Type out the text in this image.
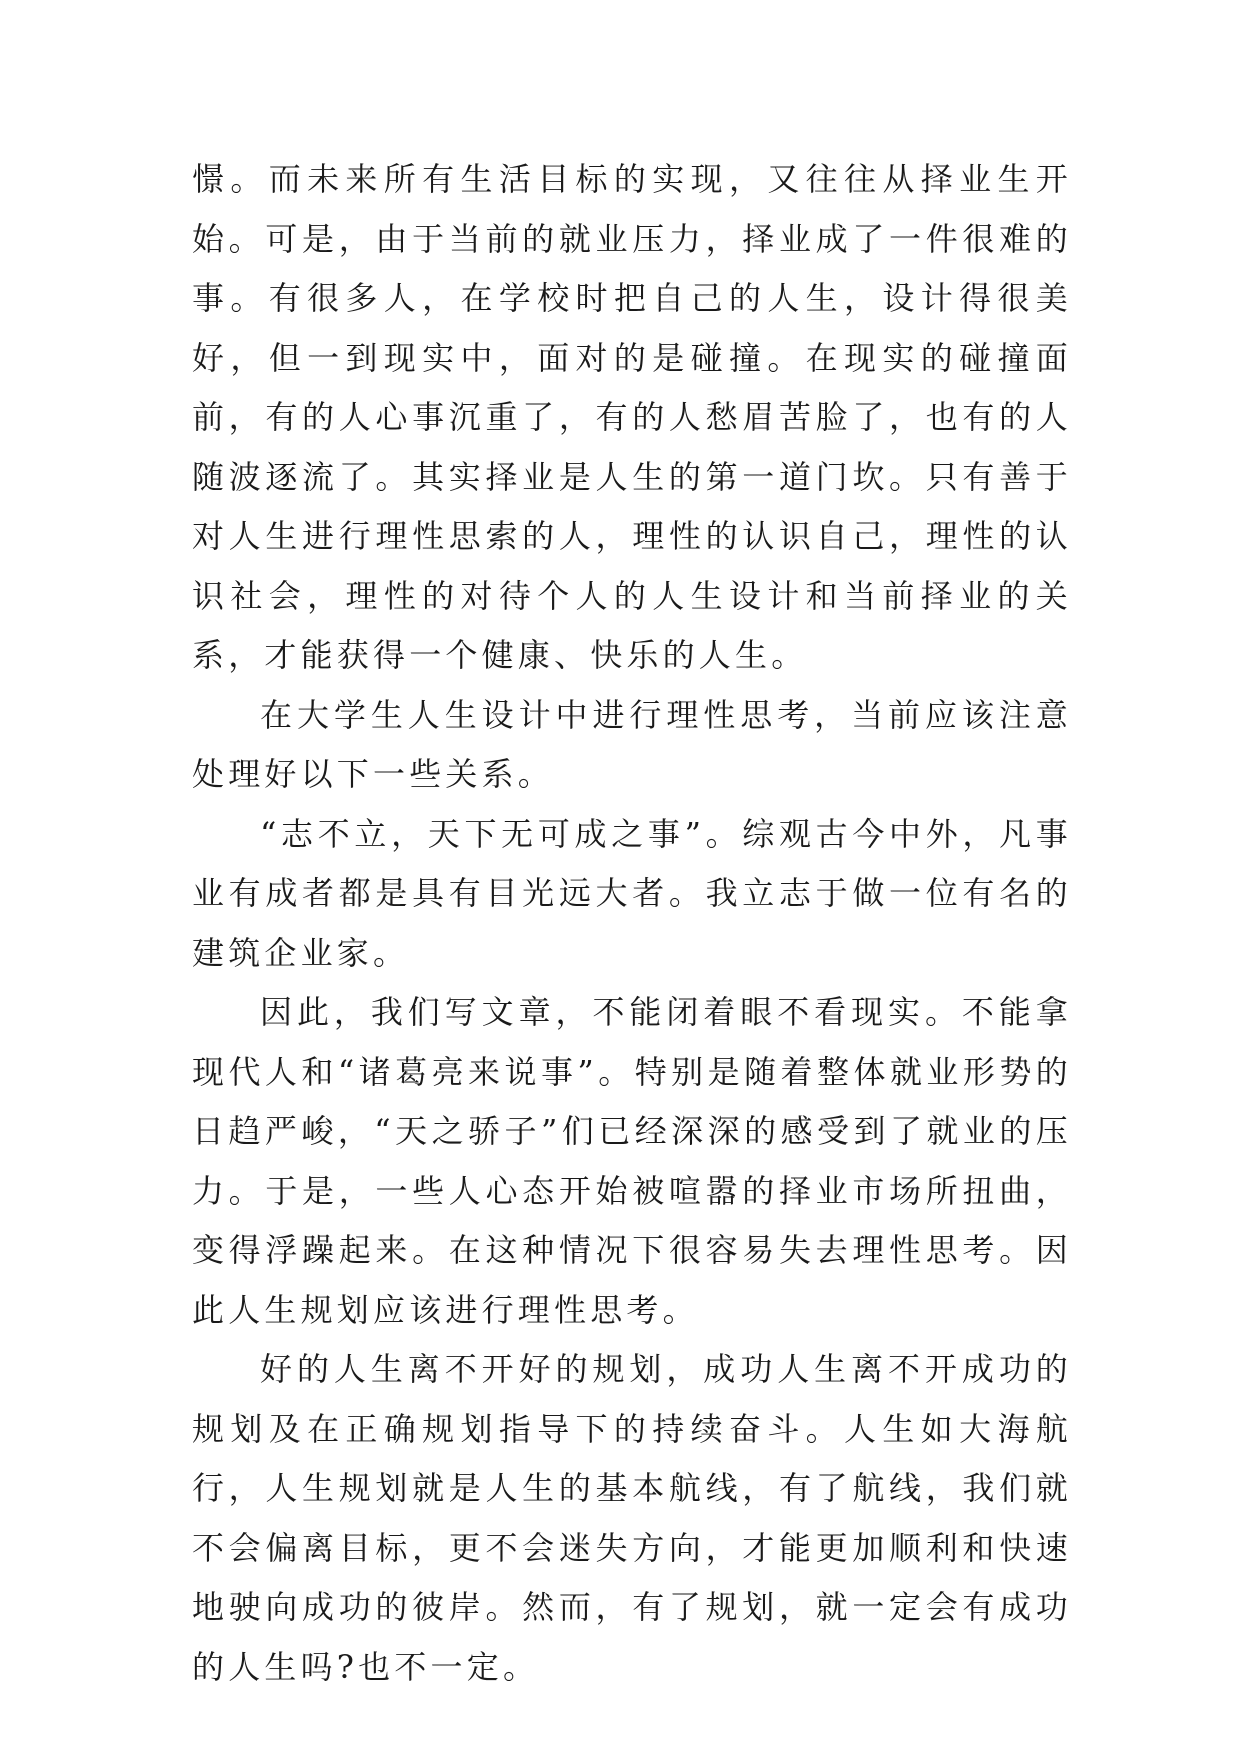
憬。而未来所有生活目标的实现，又往往从择业生开始。可是，由于当前的就业压力，择业成了一件很难的事。有很多人，在学校时把自己的人生，设计得很美好，但一到现实中，面对的是碰撞。在现实的碰撞面前，有的人心事沉重了，有的人愁眉苦脸了，也有的人随波逐流了。其实择业是人生的第一道门坎。只有善于对人生进行理性思索的人，理性的认识自己，理性的认识社会，理性的对待个人的人生设计和当前择业的关系，才能获得一个健康、快乐的人生。

在大学生人生设计中进行理性思考，当前应该注意处理好以下一些关系。

“志不立，天下无可成之事”。综观古今中外，凡事业有成者都是具有目光远大者。我立志于做一位有名的建筑企业家。

因此，我们写文章，不能闭着眼不看现实。不能拿现代人和“诸葛亮来说事”。特别是随着整体就业形势的日趋严峻，“天之骄子”们已经深深的感受到了就业的压力。于是，一些人心态开始被喧嚣的择业市场所扭曲，变得浮躁起来。在这种情况下很容易失去理性思考。因此人生规划应该进行理性思考。

好的人生离不开好的规划，成功人生离不开成功的规划及在正确规划指导下的持续奋斗。人生如大海航行，人生规划就是人生的基本航线，有了航线，我们就不会偏离目标，更不会迷失方向，才能更加顺利和快速地驶向成功的彼岸。然而，有了规划，就一定会有成功的人生吗?也不一定。
